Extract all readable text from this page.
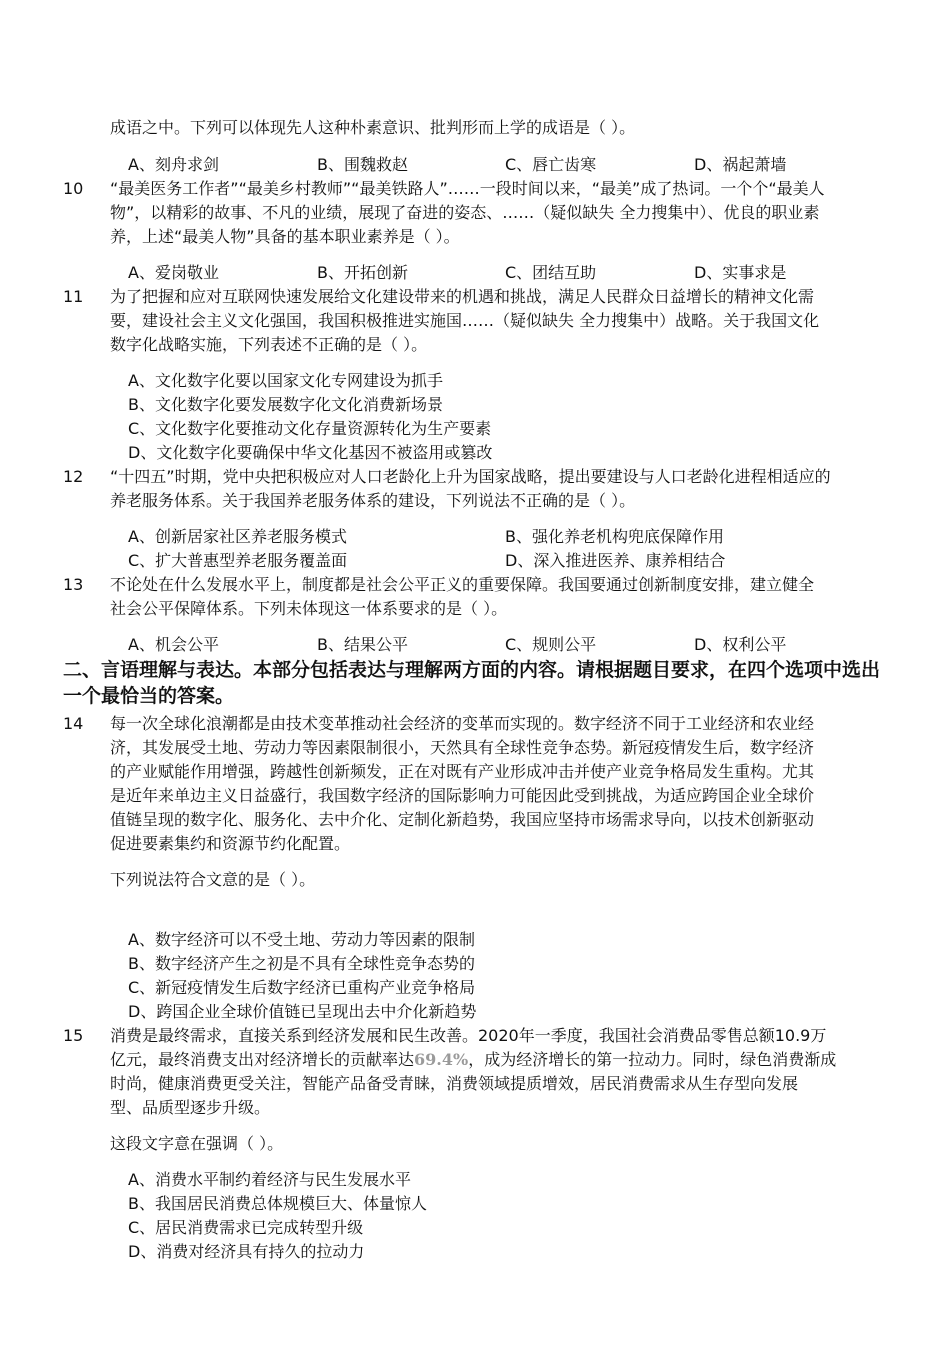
成语之中。下列可以体现先人这种朴素意识、批判形而上学的成语是（ ）。
A、刻舟求剑	B、围魏救赵	C、唇亡齿寒	D、祸起萧墙
10 “最美医务工作者”“最美乡村教师”“最美铁路人”……一段时间以来，“最美”成了热词。一个个“最美人
物”，以精彩的故事、不凡的业绩，展现了奋进的姿态、……（疑似缺失 全力搜集中）、优良的职业素
养，上述“最美人物”具备的基本职业素养是（ ）。
A、爱岗敬业	B、开拓创新	C、团结互助	D、实事求是
11 为了把握和应对互联网快速发展给文化建设带来的机遇和挑战，满足人民群众日益增长的精神文化需
要，建设社会主义文化强国，我国积极推进实施国……（疑似缺失 全力搜集中）战略。关于我国文化
数字化战略实施，下列表述不正确的是（ ）。
A、文化数字化要以国家文化专网建设为抓手
B、文化数字化要发展数字化文化消费新场景
C、文化数字化要推动文化存量资源转化为生产要素
D、文化数字化要确保中华文化基因不被盗用或篡改
12 “十四五”时期，党中央把积极应对人口老龄化上升为国家战略，提出要建设与人口老龄化进程相适应的
养老服务体系。关于我国养老服务体系的建设，下列说法不正确的是（ ）。
A、创新居家社区养老服务模式	B、强化养老机构兜底保障作用
C、扩大普惠型养老服务覆盖面	D、深入推进医养、康养相结合
13 不论处在什么发展水平上，制度都是社会公平正义的重要保障。我国要通过创新制度安排，建立健全
社会公平保障体系。下列未体现这一体系要求的是（ ）。
A、机会公平	B、结果公平	C、规则公平	D、权利公平
二、言语理解与表达。本部分包括表达与理解两方面的内容。请根据题目要求，在四个选项中选出
一个最恰当的答案。
14 每一次全球化浪潮都是由技术变革推动社会经济的变革而实现的。数字经济不同于工业经济和农业经
济，其发展受土地、劳动力等因素限制很小，天然具有全球性竞争态势。新冠疫情发生后，数字经济
的产业赋能作用增强，跨越性创新频发，正在对既有产业形成冲击并使产业竞争格局发生重构。尤其
是近年来单边主义日益盛行，我国数字经济的国际影响力可能因此受到挑战，为适应跨国企业全球价
值链呈现的数字化、服务化、去中介化、定制化新趋势，我国应坚持市场需求导向，以技术创新驱动
促进要素集约和资源节约化配置。
下列说法符合文意的是（ ）。
A、数字经济可以不受土地、劳动力等因素的限制
B、数字经济产生之初是不具有全球性竞争态势的
C、新冠疫情发生后数字经济已重构产业竞争格局
D、跨国企业全球价值链已呈现出去中介化新趋势
15 消费是最终需求，直接关系到经济发展和民生改善。2020年一季度，我国社会消费品零售总额10.9万
亿元，最终消费支出对经济增长的贡献率达69.4%，成为经济增长的第一拉动力。同时，绿色消费渐成
时尚，健康消费更受关注，智能产品备受青睐，消费领域提质增效，居民消费需求从生存型向发展
型、品质型逐步升级。
这段文字意在强调（ ）。
A、消费水平制约着经济与民生发展水平
B、我国居民消费总体规模巨大、体量惊人
C、居民消费需求已完成转型升级
D、消费对经济具有持久的拉动力
